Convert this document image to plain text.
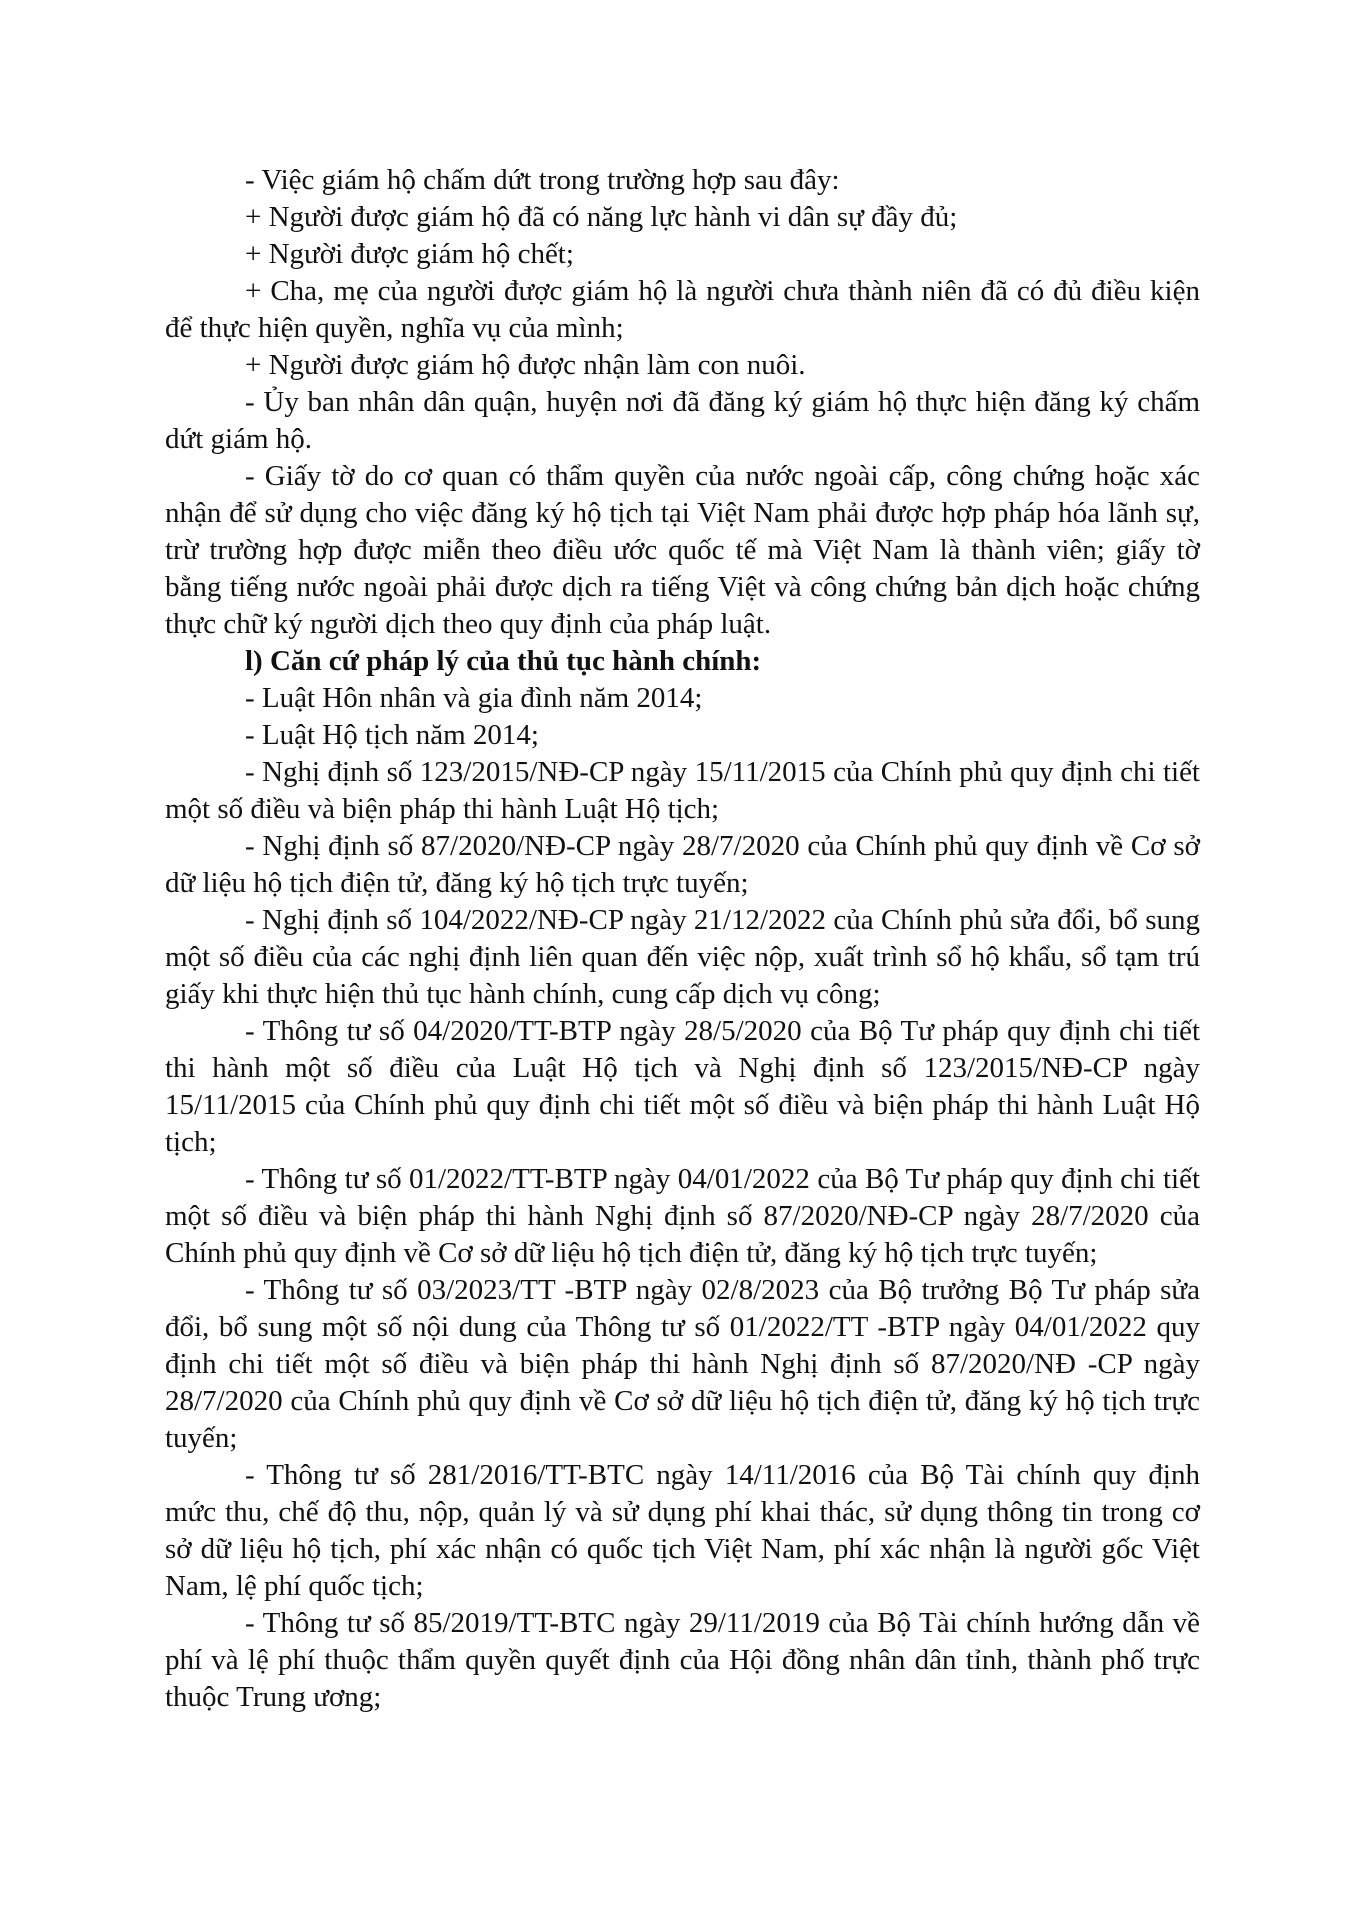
- Việc giám hộ chấm dứt trong trường hợp sau đây:

+ Người được giám hộ đã có năng lực hành vi dân sự đầy đủ;

+ Người được giám hộ chết;

+ Cha, mẹ của người được giám hộ là người chưa thành niên đã có đủ điều kiện để thực hiện quyền, nghĩa vụ của mình;

+ Người được giám hộ được nhận làm con nuôi.

- Ủy ban nhân dân quận, huyện nơi đã đăng ký giám hộ thực hiện đăng ký chấm dứt giám hộ.

- Giấy tờ do cơ quan có thẩm quyền của nước ngoài cấp, công chứng hoặc xác nhận để sử dụng cho việc đăng ký hộ tịch tại Việt Nam phải được hợp pháp hóa lãnh sự, trừ trường hợp được miễn theo điều ước quốc tế mà Việt Nam là thành viên; giấy tờ bằng tiếng nước ngoài phải được dịch ra tiếng Việt và công chứng bản dịch hoặc chứng thực chữ ký người dịch theo quy định của pháp luật.

l) Căn cứ pháp lý của thủ tục hành chính:

- Luật Hôn nhân và gia đình năm 2014;

- Luật Hộ tịch năm 2014;

- Nghị định số 123/2015/NĐ-CP ngày 15/11/2015 của Chính phủ quy định chi tiết một số điều và biện pháp thi hành Luật Hộ tịch;

- Nghị định số 87/2020/NĐ-CP ngày 28/7/2020 của Chính phủ quy định về Cơ sở dữ liệu hộ tịch điện tử, đăng ký hộ tịch trực tuyến;

- Nghị định số 104/2022/NĐ-CP ngày 21/12/2022 của Chính phủ sửa đổi, bổ sung một số điều của các nghị định liên quan đến việc nộp, xuất trình sổ hộ khẩu, sổ tạm trú giấy khi thực hiện thủ tục hành chính, cung cấp dịch vụ công;

- Thông tư số 04/2020/TT-BTP ngày 28/5/2020 của Bộ Tư pháp quy định chi tiết thi hành một số điều của Luật Hộ tịch và Nghị định số 123/2015/NĐ-CP ngày 15/11/2015 của Chính phủ quy định chi tiết một số điều và biện pháp thi hành Luật Hộ tịch;

- Thông tư số 01/2022/TT-BTP ngày 04/01/2022 của Bộ Tư pháp quy định chi tiết một số điều và biện pháp thi hành Nghị định số 87/2020/NĐ-CP ngày 28/7/2020 của Chính phủ quy định về Cơ sở dữ liệu hộ tịch điện tử, đăng ký hộ tịch trực tuyến;

- Thông tư số 03/2023/TT -BTP ngày 02/8/2023 của Bộ trưởng Bộ Tư pháp sửa đổi, bổ sung một số nội dung của Thông tư số 01/2022/TT -BTP ngày 04/01/2022 quy định chi tiết một số điều và biện pháp thi hành Nghị định số 87/2020/NĐ -CP ngày 28/7/2020 của Chính phủ quy định về Cơ sở dữ liệu hộ tịch điện tử, đăng ký hộ tịch trực tuyến;

- Thông tư số 281/2016/TT-BTC ngày 14/11/2016 của Bộ Tài chính quy định mức thu, chế độ thu, nộp, quản lý và sử dụng phí khai thác, sử dụng thông tin trong cơ sở dữ liệu hộ tịch, phí xác nhận có quốc tịch Việt Nam, phí xác nhận là người gốc Việt Nam, lệ phí quốc tịch;

- Thông tư số 85/2019/TT-BTC ngày 29/11/2019 của Bộ Tài chính hướng dẫn về phí và lệ phí thuộc thẩm quyền quyết định của Hội đồng nhân dân tỉnh, thành phố trực thuộc Trung ương;
